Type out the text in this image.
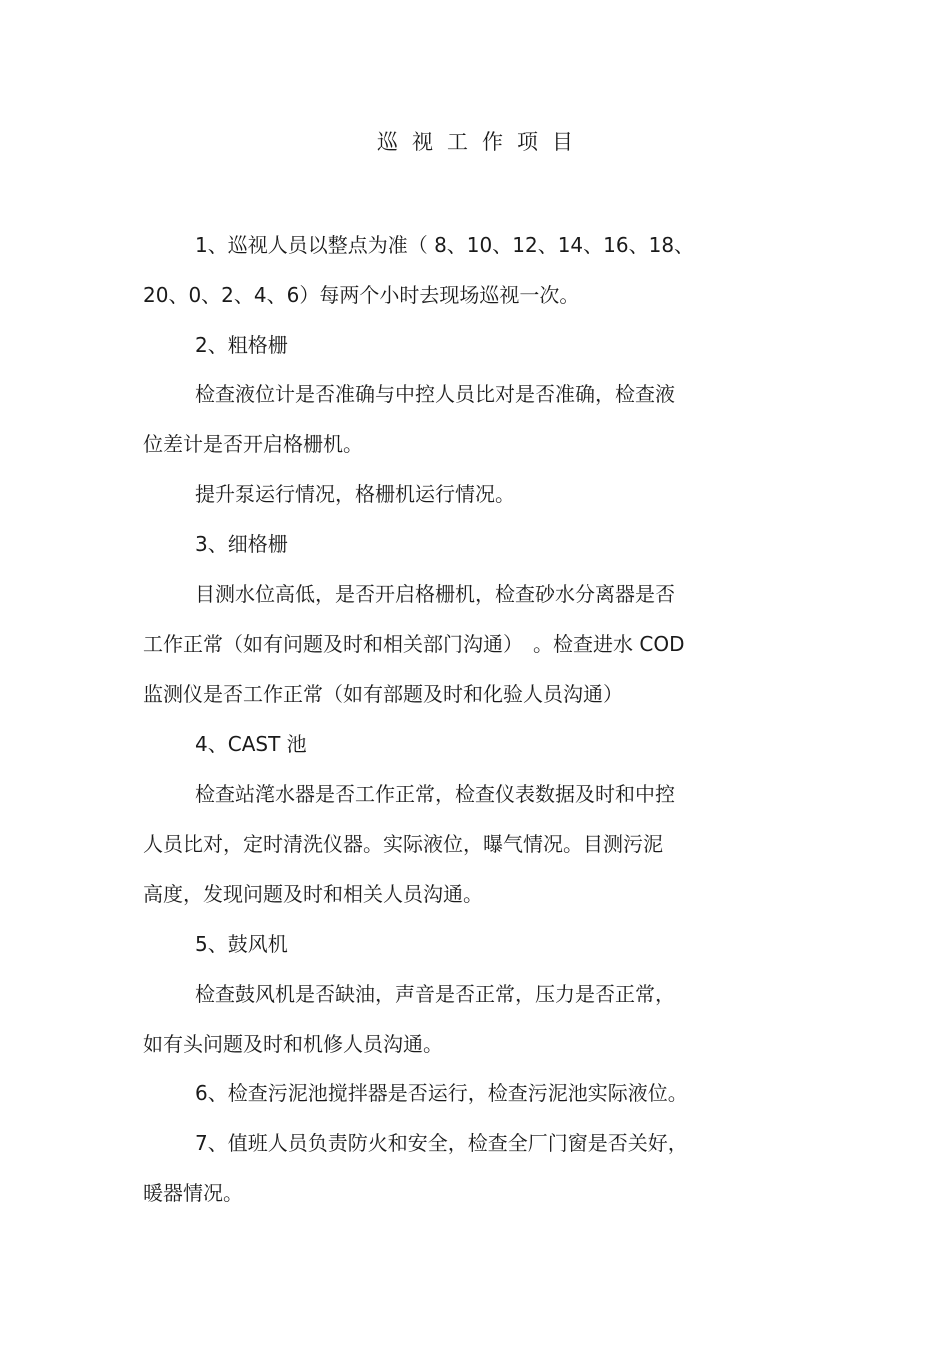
巡视工作项目
1、巡视人员以整点为准（ 8、10、12、14、16、18、
20、0、2、4、6）每两个小时去现场巡视一次。
2、粗格栅
检查液位计是否准确与中控人员比对是否准确，检查液
位差计是否开启格栅机。
提升泵运行情况，格栅机运行情况。
3、细格栅
目测水位高低，是否开启格栅机，检查砂水分离器是否
工作正常（如有问题及时和相关部门沟通）　。检查进水 COD
监测仪是否工作正常（如有部题及时和化验人员沟通）
4、CAST 池
检查站滗水器是否工作正常，检查仪表数据及时和中控
人员比对，定时清洗仪器。实际液位，曝气情况。目测污泥
高度，发现问题及时和相关人员沟通。
5、鼓风机
检查鼓风机是否缺油，声音是否正常，压力是否正常，
如有头问题及时和机修人员沟通。
6、检查污泥池搅拌器是否运行，检查污泥池实际液位。
7、值班人员负责防火和安全，检查全厂门窗是否关好，
暖器情况。
